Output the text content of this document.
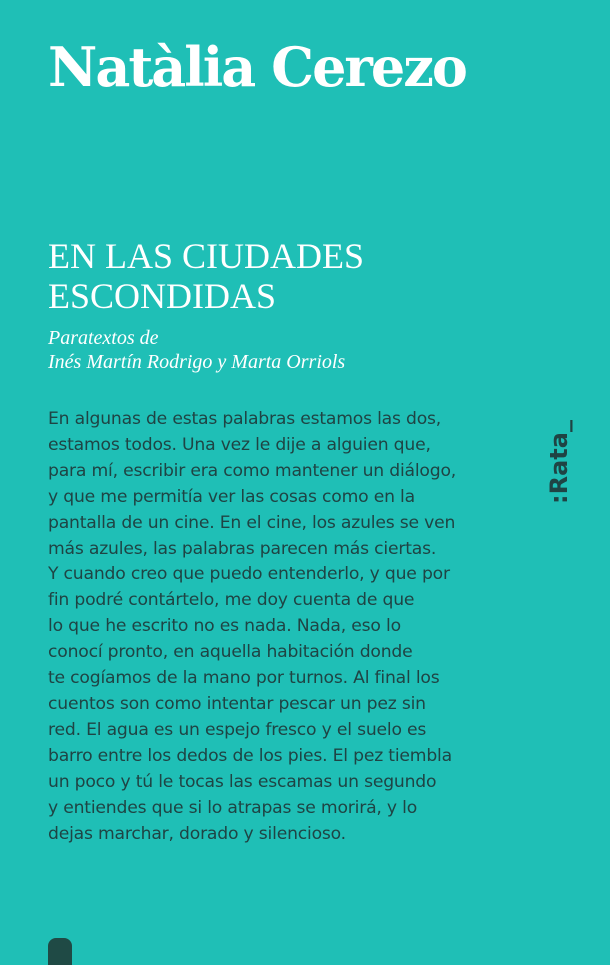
Natàlia Cerezo
EN LAS CIUDADES
ESCONDIDAS
Paratextos de
Inés Martín Rodrigo y Marta Orriols
En algunas de estas palabras estamos las dos,
estamos todos. Una vez le dije a alguien que,
para mí, escribir era como mantener un diálogo,
y que me permitía ver las cosas como en la
pantalla de un cine. En el cine, los azules se ven
más azules, las palabras parecen más ciertas.
Y cuando creo que puedo entenderlo, y que por
fin podré contártelo, me doy cuenta de que
lo que he escrito no es nada. Nada, eso lo
conocí pronto, en aquella habitación donde
te cogíamos de la mano por turnos. Al final los
cuentos son como intentar pescar un pez sin
red. El agua es un espejo fresco y el suelo es
barro entre los dedos de los pies. El pez tiembla
un poco y tú le tocas las escamas un segundo
y entiendes que si lo atrapas se morirá, y lo
dejas marchar, dorado y silencioso.
:Rata_
